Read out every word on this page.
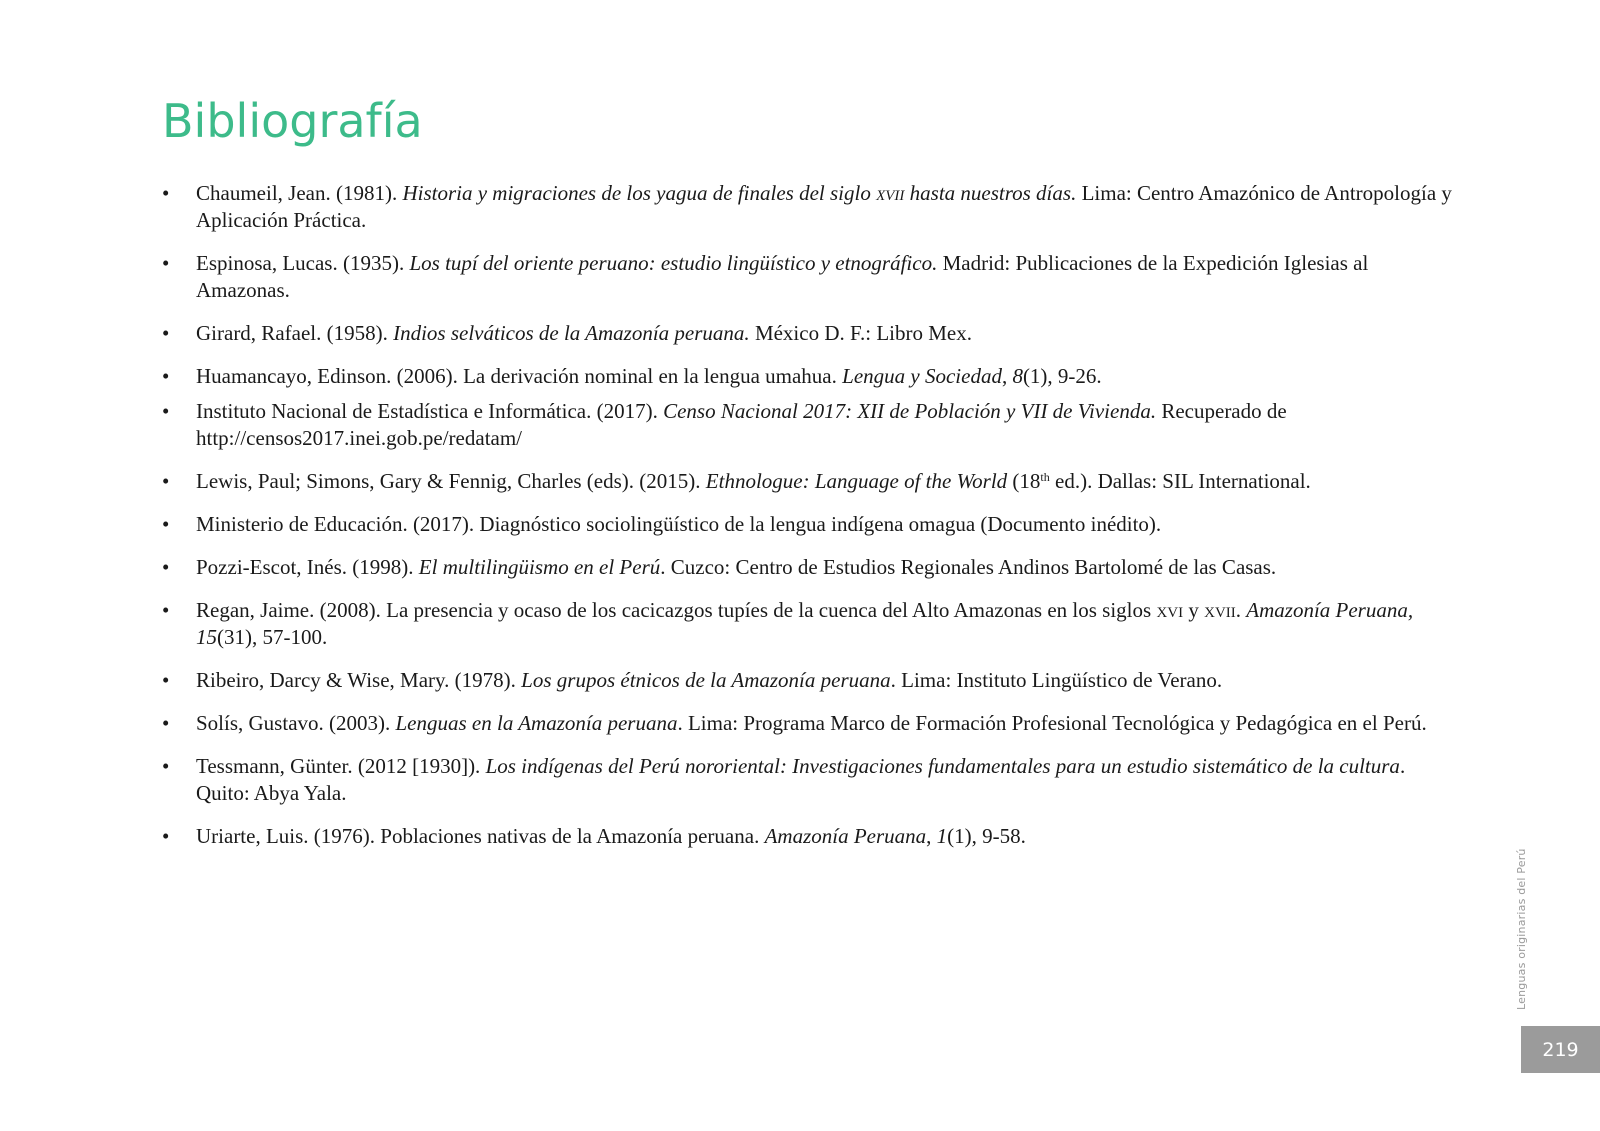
Bibliografía
• Chaumeil, Jean. (1981). Historia y migraciones de los yagua de finales del siglo xvii hasta nuestros días. Lima: Centro Amazónico de Antropología y Aplicación Práctica.
• Espinosa, Lucas. (1935). Los tupí del oriente peruano: estudio lingüístico y etnográfico. Madrid: Publicaciones de la Expedición Iglesias al Amazonas.
• Girard, Rafael. (1958). Indios selváticos de la Amazonía peruana. México D. F.: Libro Mex.
• Huamancayo, Edinson. (2006). La derivación nominal en la lengua umahua. Lengua y Sociedad, 8(1), 9-26.
• Instituto Nacional de Estadística e Informática. (2017). Censo Nacional 2017: XII de Población y VII de Vivienda. Recuperado de http://censos2017.inei.gob.pe/redatam/
• Lewis, Paul; Simons, Gary & Fennig, Charles (eds). (2015). Ethnologue: Language of the World (18th ed.). Dallas: SIL International.
• Ministerio de Educación. (2017). Diagnóstico sociolingüístico de la lengua indígena omagua (Documento inédito).
• Pozzi-Escot, Inés. (1998). El multilingüismo en el Perú. Cuzco: Centro de Estudios Regionales Andinos Bartolomé de las Casas.
• Regan, Jaime. (2008). La presencia y ocaso de los cacicazgos tupíes de la cuenca del Alto Amazonas en los siglos xvi y xvii. Amazonía Peruana, 15(31), 57-100.
• Ribeiro, Darcy & Wise, Mary. (1978). Los grupos étnicos de la Amazonía peruana. Lima: Instituto Lingüístico de Verano.
• Solís, Gustavo. (2003). Lenguas en la Amazonía peruana. Lima: Programa Marco de Formación Profesional Tecnológica y Pedagógica en el Perú.
• Tessmann, Günter. (2012 [1930]). Los indígenas del Perú nororiental: Investigaciones fundamentales para un estudio sistemático de la cultura. Quito: Abya Yala.
• Uriarte, Luis. (1976). Poblaciones nativas de la Amazonía peruana. Amazonía Peruana, 1(1), 9-58.
Lenguas originarias del Perú
219
